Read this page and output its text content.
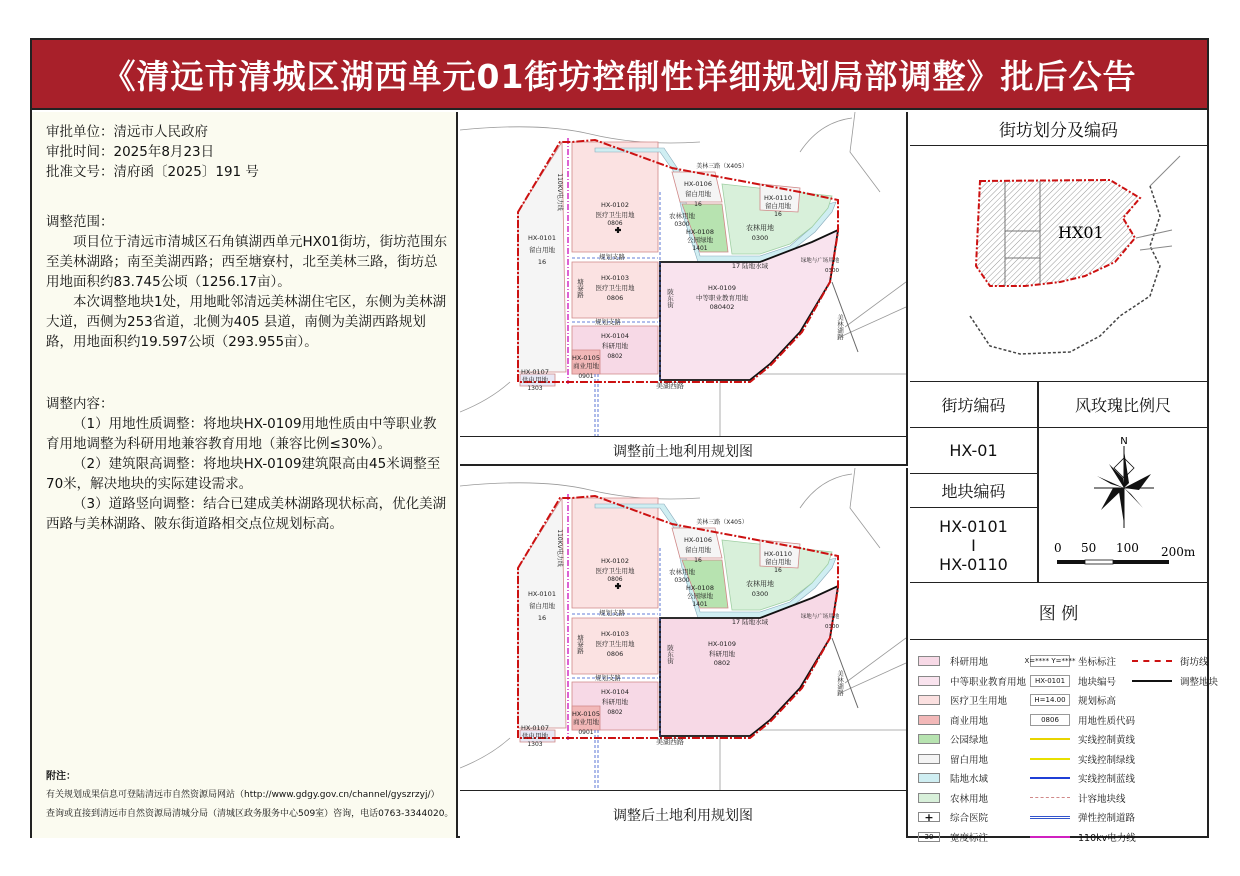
《清远市清城区湖西单元01街坊控制性详细规划局部调整》批后公告
审批单位：清远市人民政府
审批时间：2025年8月23日
批准文号：清府函〔2025〕191 号

调整范围：

项目位于清远市清城区石角镇湖西单元HX01街坊，街坊范围东至美林湖路；南至美湖西路；西至塘寮村，北至美林三路，街坊总用地面积约83.745公顷（1256.17亩）。

本次调整地块1处，用地毗邻清远美林湖住宅区，东侧为美林湖大道，西侧为253省道，北侧为405 县道，南侧为美湖西路规划路，用地面积约19.597公顷（293.955亩）。

调整内容：

（1）用地性质调整：将地块HX-0109用地性质由中等职业教育用地调整为科研用地兼容教育用地（兼容比例≤30%）。

（2）建筑限高调整：将地块HX-0109建筑限高由45米调整至70米，解决地块的实际建设需求。

（3）道路竖向调整：结合已建成美林湖路现状标高，优化美湖西路与美林湖路、陂东街道路相交点位规划标高。

附注：
有关规划成果信息可登陆清远市自然资源局网站（http://www.gdgy.gov.cn/channel/gyszrzyj/）
查询或直接到清远市自然资源局清城分局（清城区政务服务中心509室）咨询，电话0763-3344020。
HX-0101
留白用地
16
HX-0102
医疗卫生用地
0806
HX-0103
医疗卫生用地
0806
HX-0104
科研用地
0802
HX-0105
商业用地
0901
HX-0107
供电用地
1303
HX-0106
留白用地
16
农林用地
0300
HX-0108
公园绿地
1401
HX-0110
留白用地
16
农林用地
0300
17 陆地水域
HX-0109
中等职业教育用地
080402
美林三路（X405）
美湖西路
美林湖路
规划支路
规划支路
塘寮路
陂东街
110KV电力线
绿地与广场用地
0300
调整前土地利用规划图
HX-0101
留白用地
16
HX-0102
医疗卫生用地
0806
HX-0103
医疗卫生用地
0806
HX-0104
科研用地
0802
HX-0105
商业用地
0901
HX-0107
供电用地
1303
HX-0106
留白用地
16
农林用地
0300
HX-0108
公园绿地
1401
HX-0110
留白用地
16
农林用地
0300
17 陆地水域
HX-0109
科研用地
0802
美林三路（X405）
美湖西路
美林湖路
规划支路
规划支路
塘寮路
陂东街
110KV电力线
绿地与广场用地
0300
调整后土地利用规划图
街坊划分及编码
HX01
街坊编码
HX-01
地块编码
HX-0101
I
HX-0110
风玫瑰比例尺
N
0 50 100 200m
图 例
科研用地
中等职业教育用地
医疗卫生用地
商业用地
公园绿地
留白用地
陆地水域
农林用地
+	综合医院
30	宽度标注
X=**** Y=**** 坐标标注
HX-0101	地块编号
H=14.00	规划标高
0806	用地性质代码
实线控制黄线
实线控制绿线
实线控制蓝线
计容地块线
弹性控制道路
110kv电力线
街坊线
调整地块
